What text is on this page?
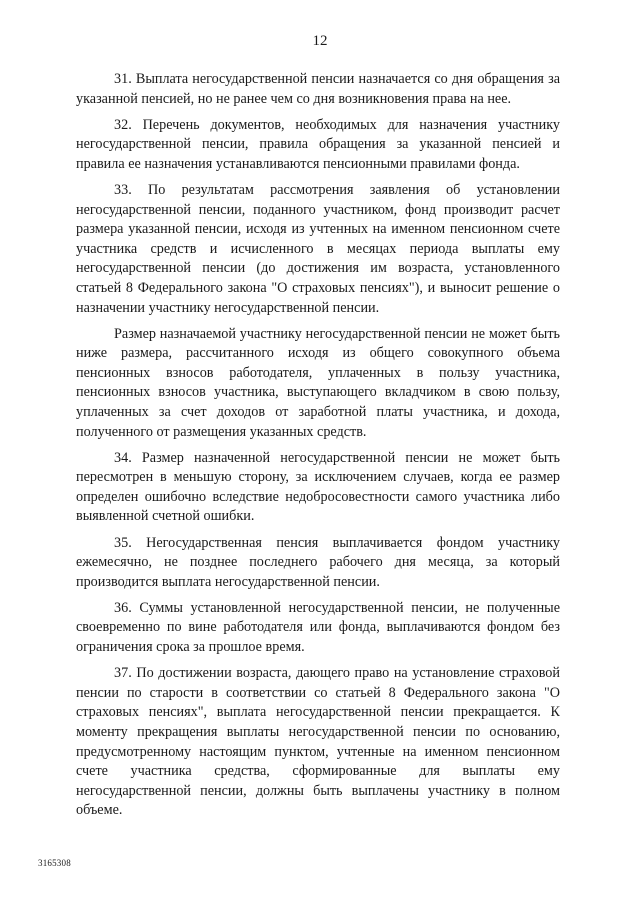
12

31. Выплата негосударственной пенсии назначается со дня обращения за указанной пенсией, но не ранее чем со дня возникновения права на нее.

32. Перечень документов, необходимых для назначения участнику негосударственной пенсии, правила обращения за указанной пенсией и правила ее назначения устанавливаются пенсионными правилами фонда.

33. По результатам рассмотрения заявления об установлении негосударственной пенсии, поданного участником, фонд производит расчет размера указанной пенсии, исходя из учтенных на именном пенсионном счете участника средств и исчисленного в месяцах периода выплаты ему негосударственной пенсии (до достижения им возраста, установленного статьей 8 Федерального закона "О страховых пенсиях"), и выносит решение о назначении участнику негосударственной пенсии.

Размер назначаемой участнику негосударственной пенсии не может быть ниже размера, рассчитанного исходя из общего совокупного объема пенсионных взносов работодателя, уплаченных в пользу участника, пенсионных взносов участника, выступающего вкладчиком в свою пользу, уплаченных за счет доходов от заработной платы участника, и дохода, полученного от размещения указанных средств.

34. Размер назначенной негосударственной пенсии не может быть пересмотрен в меньшую сторону, за исключением случаев, когда ее размер определен ошибочно вследствие недобросовестности самого участника либо выявленной счетной ошибки.

35. Негосударственная пенсия выплачивается фондом участнику ежемесячно, не позднее последнего рабочего дня месяца, за который производится выплата негосударственной пенсии.

36. Суммы установленной негосударственной пенсии, не полученные своевременно по вине работодателя или фонда, выплачиваются фондом без ограничения срока за прошлое время.

37. По достижении возраста, дающего право на установление страховой пенсии по старости в соответствии со статьей 8 Федерального закона "О страховых пенсиях", выплата негосударственной пенсии прекращается. К моменту прекращения выплаты негосударственной пенсии по основанию, предусмотренному настоящим пунктом, учтенные на именном пенсионном счете участника средства, сформированные для выплаты ему негосударственной пенсии, должны быть выплачены участнику в полном объеме.

3165308
